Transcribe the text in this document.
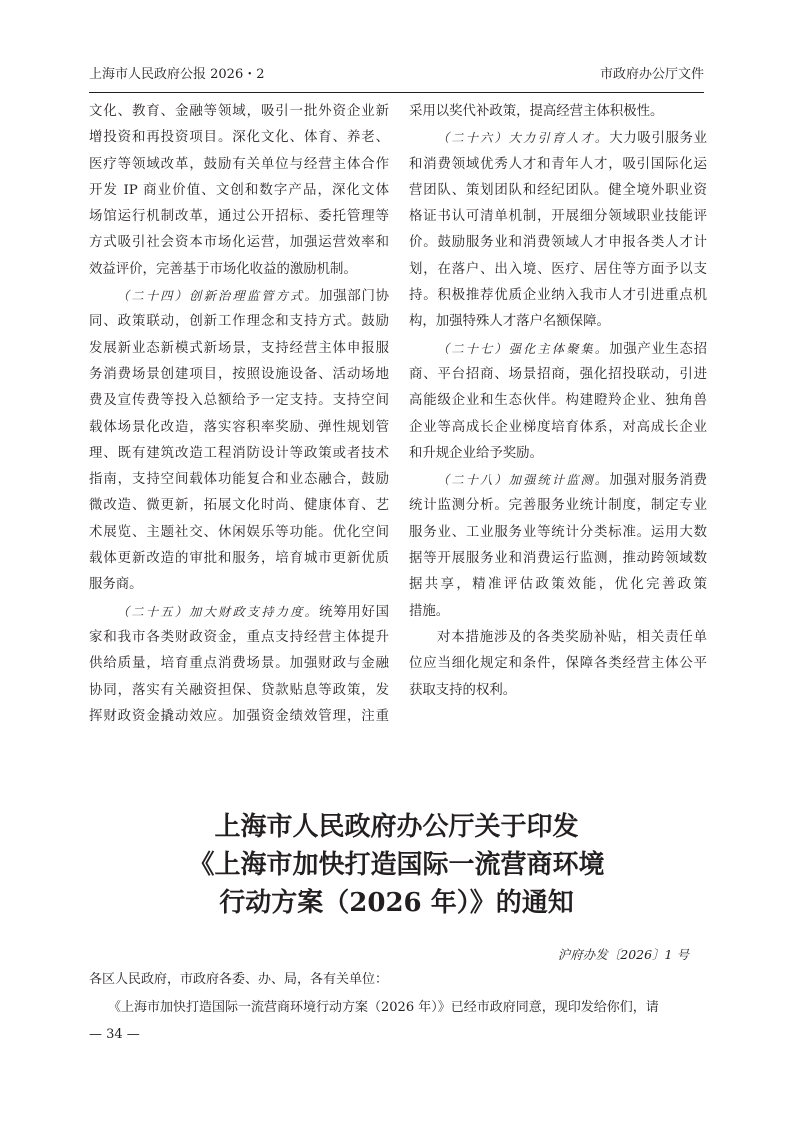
上海市人民政府公报 2026・2	市政府办公厅文件
文化、教育、金融等领域，吸引一批外资企业新
增投资和再投资项目。深化文化、体育、养老、
医疗等领域改革，鼓励有关单位与经营主体合作
开发 IP 商业价值、文创和数字产品，深化文体
场馆运行机制改革，通过公开招标、委托管理等
方式吸引社会资本市场化运营，加强运营效率和
效益评价，完善基于市场化收益的激励机制。
（二十四）创新治理监管方式。加强部门协
同、政策联动，创新工作理念和支持方式。鼓励
发展新业态新模式新场景，支持经营主体申报服
务消费场景创建项目，按照设施设备、活动场地
费及宣传费等投入总额给予一定支持。支持空间
载体场景化改造，落实容积率奖励、弹性规划管
理、既有建筑改造工程消防设计等政策或者技术
指南，支持空间载体功能复合和业态融合，鼓励
微改造、微更新，拓展文化时尚、健康体育、艺
术展览、主题社交、休闲娱乐等功能。优化空间
载体更新改造的审批和服务，培育城市更新优质
服务商。
（二十五）加大财政支持力度。统筹用好国
家和我市各类财政资金，重点支持经营主体提升
供给质量，培育重点消费场景。加强财政与金融
协同，落实有关融资担保、贷款贴息等政策，发
挥财政资金撬动效应。加强资金绩效管理，注重
采用以奖代补政策，提高经营主体积极性。
（二十六）大力引育人才。大力吸引服务业
和消费领域优秀人才和青年人才，吸引国际化运
营团队、策划团队和经纪团队。健全境外职业资
格证书认可清单机制，开展细分领域职业技能评
价。鼓励服务业和消费领域人才申报各类人才计
划，在落户、出入境、医疗、居住等方面予以支
持。积极推荐优质企业纳入我市人才引进重点机
构，加强特殊人才落户名额保障。
（二十七）强化主体聚集。加强产业生态招
商、平台招商、场景招商，强化招投联动，引进
高能级企业和生态伙伴。构建瞪羚企业、独角兽
企业等高成长企业梯度培育体系，对高成长企业
和升规企业给予奖励。
（二十八）加强统计监测。加强对服务消费
统计监测分析。完善服务业统计制度，制定专业
服务业、工业服务业等统计分类标准。运用大数
据等开展服务业和消费运行监测，推动跨领域数
据共享，精准评估政策效能，优化完善政策
措施。
对本措施涉及的各类奖励补贴，相关责任单
位应当细化规定和条件，保障各类经营主体公平
获取支持的权利。
上海市人民政府办公厅关于印发
《上海市加快打造国际一流营商环境
行动方案（2026 年）》的通知
沪府办发〔2026〕1 号
各区人民政府，市政府各委、办、局，各有关单位：
《上海市加快打造国际一流营商环境行动方案（2026 年）》已经市政府同意，现印发给你们，请
— 34 —
